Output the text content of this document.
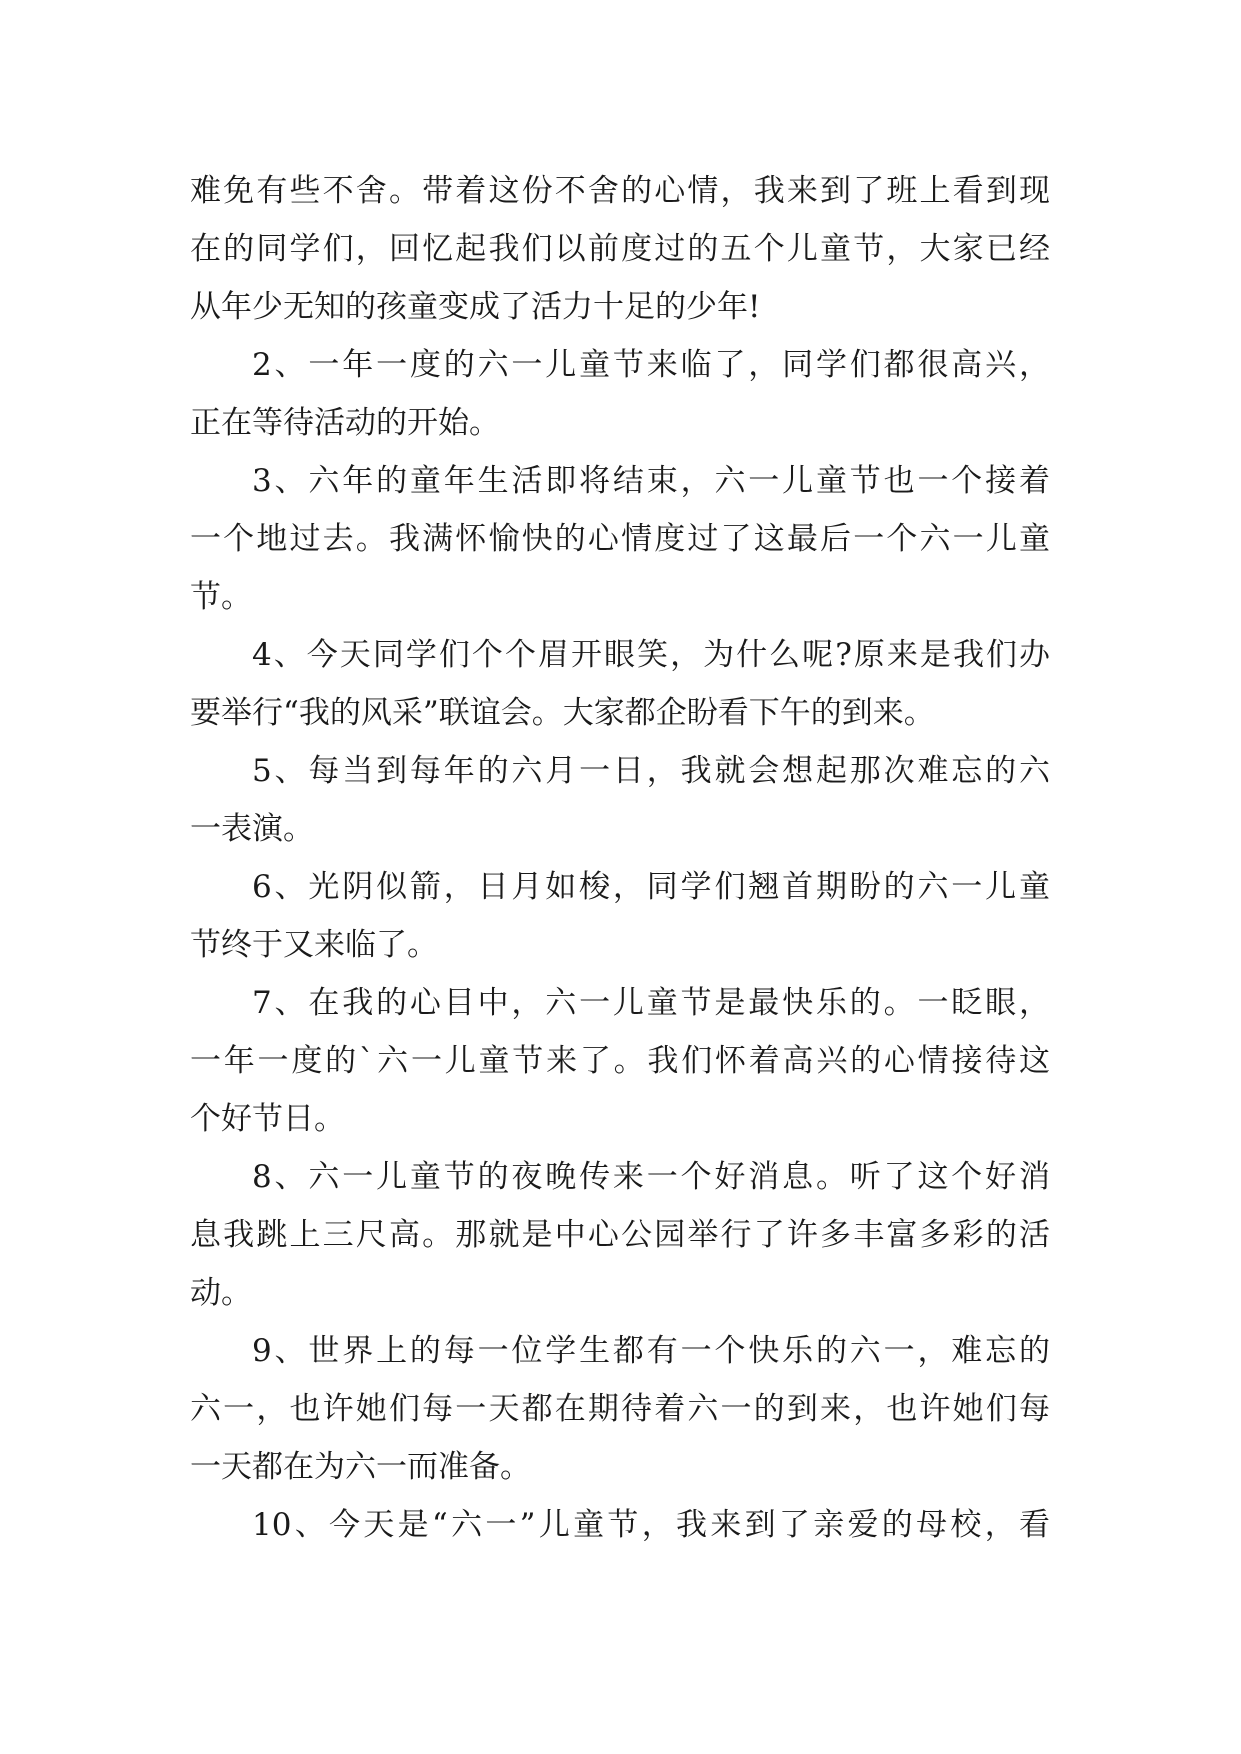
难免有些不舍。带着这份不舍的心情，我来到了班上看到现
在的同学们，回忆起我们以前度过的五个儿童节，大家已经
从年少无知的孩童变成了活力十足的少年!
2、一年一度的六一儿童节来临了，同学们都很高兴，
正在等待活动的开始。
3、六年的童年生活即将结束，六一儿童节也一个接着
一个地过去。我满怀愉快的心情度过了这最后一个六一儿童
节。
4、今天同学们个个眉开眼笑，为什么呢?原来是我们办
要举行“我的风采”联谊会。大家都企盼看下午的到来。
5、每当到每年的六月一日，我就会想起那次难忘的六
一表演。
6、光阴似箭，日月如梭，同学们翘首期盼的六一儿童
节终于又来临了。
7、在我的心目中，六一儿童节是最快乐的。一眨眼，
一年一度的`六一儿童节来了。我们怀着高兴的心情接待这
个好节日。
8、六一儿童节的夜晚传来一个好消息。听了这个好消
息我跳上三尺高。那就是中心公园举行了许多丰富多彩的活
动。
9、世界上的每一位学生都有一个快乐的六一，难忘的
六一，也许她们每一天都在期待着六一的到来，也许她们每
一天都在为六一而准备。
10、今天是“六一”儿童节，我来到了亲爱的母校，看
